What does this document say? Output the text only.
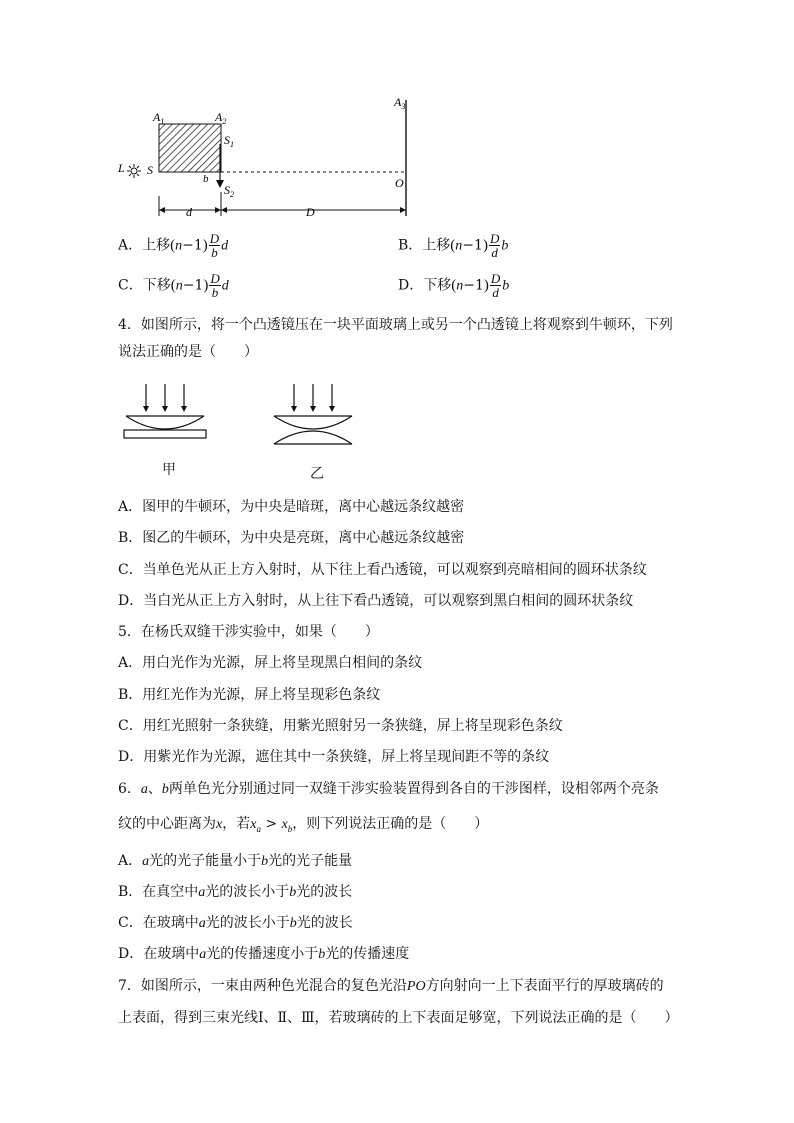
$A_1$	$A_2$
$A_3$
$S_1$
$S_2$
S
L
b	O
d	D
A．上移$(n-1) \frac{D}{b}$ d	B．上移$(n-1) \frac{D}{d}$ b
C．下移$(n-1) \frac{D}{b}$ d	D．下移$(n-1) \frac{D}{d}$ b
4．如图所示，将一个凸透镜压在一块平面玻璃上或另一个凸透镜上将观察到牛顿环，下列
说法正确的是（　　）
甲	乙
A．图甲的牛顿环，为中央是暗斑，离中心越远条纹越密
B．图乙的牛顿环，为中央是亮斑，离中心越远条纹越密
C．当单色光从正上方入射时，从下往上看凸透镜，可以观察到亮暗相间的圆环状条纹
D．当白光从正上方入射时，从上往下看凸透镜，可以观察到黑白相间的圆环状条纹
5．在杨氏双缝干涉实验中，如果（　　）
A．用白光作为光源，屏上将呈现黑白相间的条纹
B．用红光作为光源，屏上将呈现彩色条纹
C．用红光照射一条狭缝，用紫光照射另一条狭缝，屏上将呈现彩色条纹
D．用紫光作为光源，遮住其中一条狭缝，屏上将呈现间距不等的条纹
6．a、b两单色光分别通过同一双缝干涉实验装置得到各自的干涉图样，设相邻两个亮条
纹的中心距离为x，若$x_a > x_b$，则下列说法正确的是（　　）
A．a光的光子能量小于b光的光子能量
B．在真空中a光的波长小于b光的波长
C．在玻璃中a光的波长小于b光的波长
D．在玻璃中a光的传播速度小于b光的传播速度
7．如图所示，一束由两种色光混合的复色光沿PO方向射向一上下表面平行的厚玻璃砖的
上表面，得到三束光线Ⅰ、Ⅱ、Ⅲ，若玻璃砖的上下表面足够宽，下列说法正确的是（　　）
